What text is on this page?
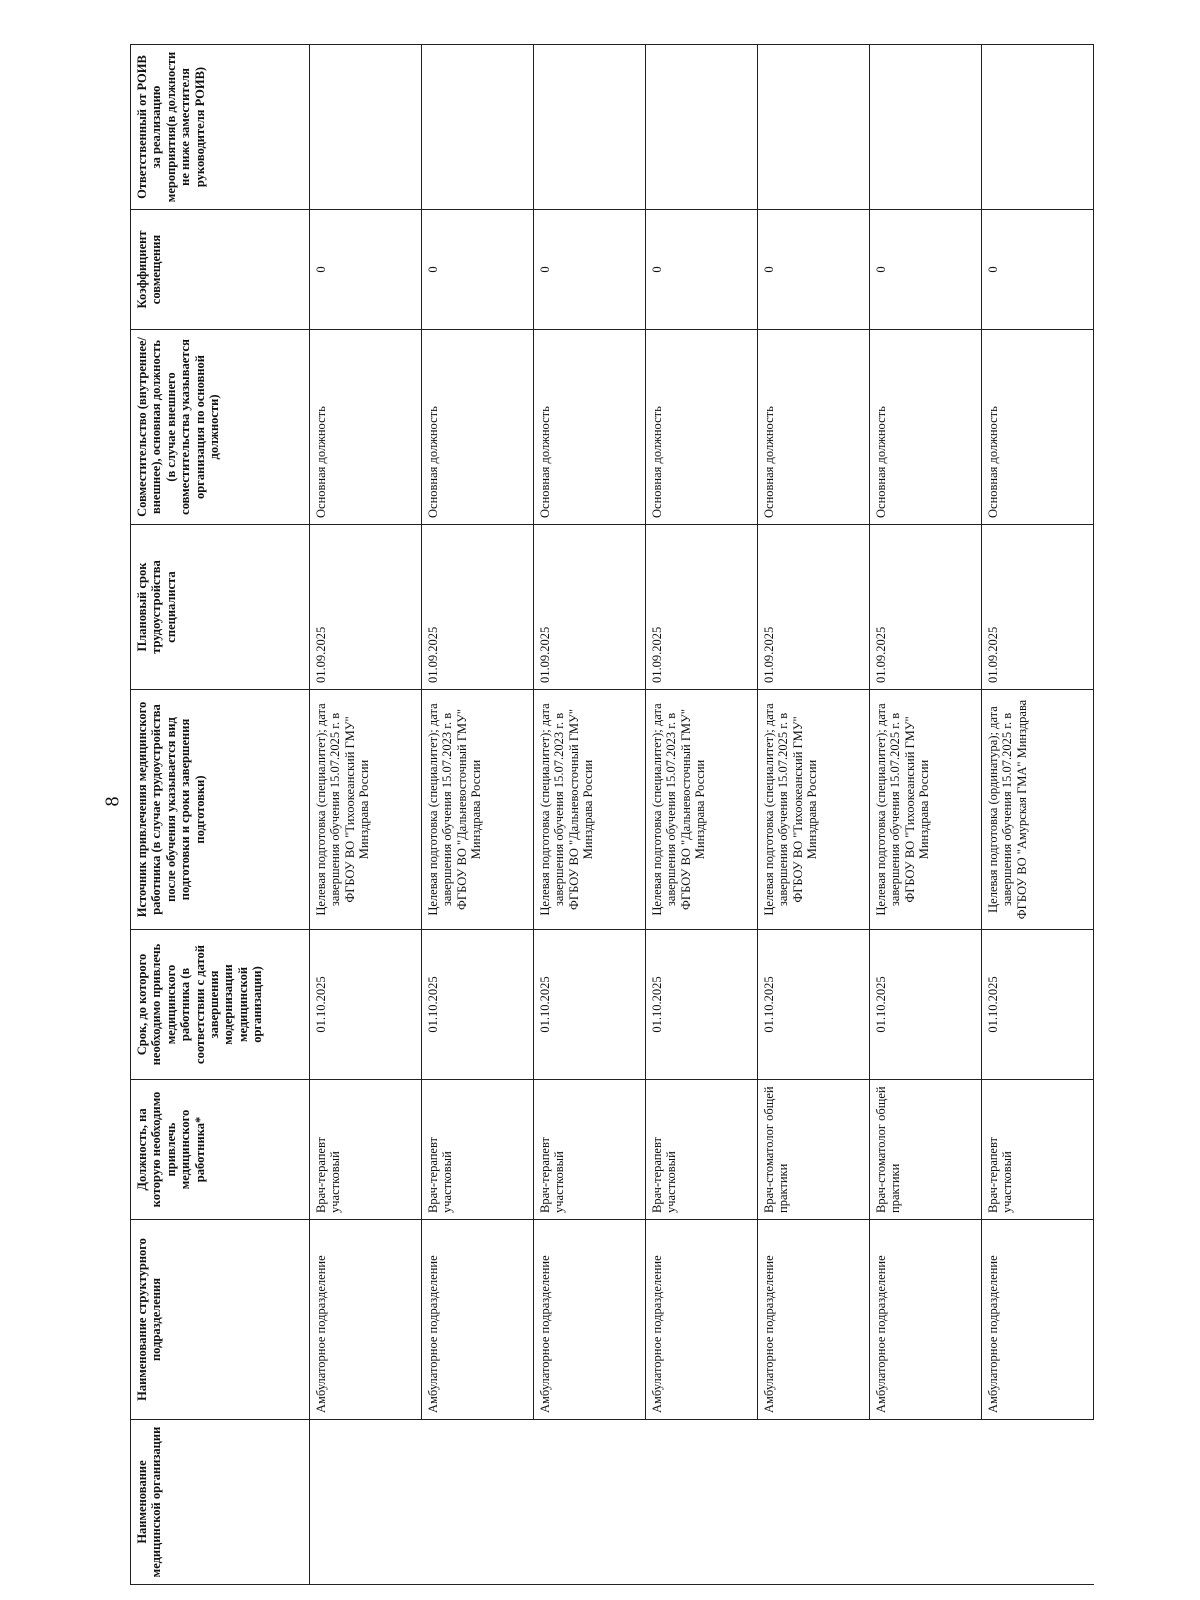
8
Наименование медицинской организации	Наименование структурного подразделения	Должность, на которую необходимо привлечь медицинского работника*	Срок, до которого необходимо привлечь медицинского работника (в соответствии с датой завершения модернизации медицинской организации)	Источник привлечения медицинского работника (в случае трудоустройства после обучения указывается вид подготовки и сроки завершения подготовки)	Плановый срок трудоустройства специалиста	Совместительство (внутреннее/внешнее), основная должность (в случае внешнего совместительства указывается организация по основной должности)	Коэффициент совмещения	Ответственный от РОИВ за реализацию мероприятия(в должности не ниже заместителя руководителя РОИВ)
	Амбулаторное подразделение	Врач-терапевт участковый	01.10.2025	Целевая подготовка (специалитет); дата завершения обучения 15.07.2025 г. в ФГБОУ ВО "Тихоокеанский ГМУ" Минздрава России	01.09.2025	Основная должность	0	
	Амбулаторное подразделение	Врач-терапевт участковый	01.10.2025	Целевая подготовка (специалитет); дата завершения обучения 15.07.2023 г. в ФГБОУ ВО "Дальневосточный ГМУ" Минздрава России	01.09.2025	Основная должность	0	
	Амбулаторное подразделение	Врач-терапевт участковый	01.10.2025	Целевая подготовка (специалитет); дата завершения обучения 15.07.2023 г. в ФГБОУ ВО "Дальневосточный ГМУ" Минздрава России	01.09.2025	Основная должность	0	
	Амбулаторное подразделение	Врач-терапевт участковый	01.10.2025	Целевая подготовка (специалитет); дата завершения обучения 15.07.2023 г. в ФГБОУ ВО "Дальневосточный ГМУ" Минздрава России	01.09.2025	Основная должность	0	
	Амбулаторное подразделение	Врач-стоматолог общей практики	01.10.2025	Целевая подготовка (специалитет); дата завершения обучения 15.07.2025 г. в ФГБОУ ВО "Тихоокеанский ГМУ" Минздрава России	01.09.2025	Основная должность	0	
	Амбулаторное подразделение	Врач-стоматолог общей практики	01.10.2025	Целевая подготовка (специалитет); дата завершения обучения 15.07.2025 г. в ФГБОУ ВО "Тихоокеанский ГМУ" Минздрава России	01.09.2025	Основная должность	0	
	Амбулаторное подразделение	Врач-терапевт участковый	01.10.2025	Целевая подготовка (ординатура); дата завершения обучения 15.07.2025 г. в ФГБОУ ВО "Амурская ГМА" Минздрава	01.09.2025	Основная должность	0	
